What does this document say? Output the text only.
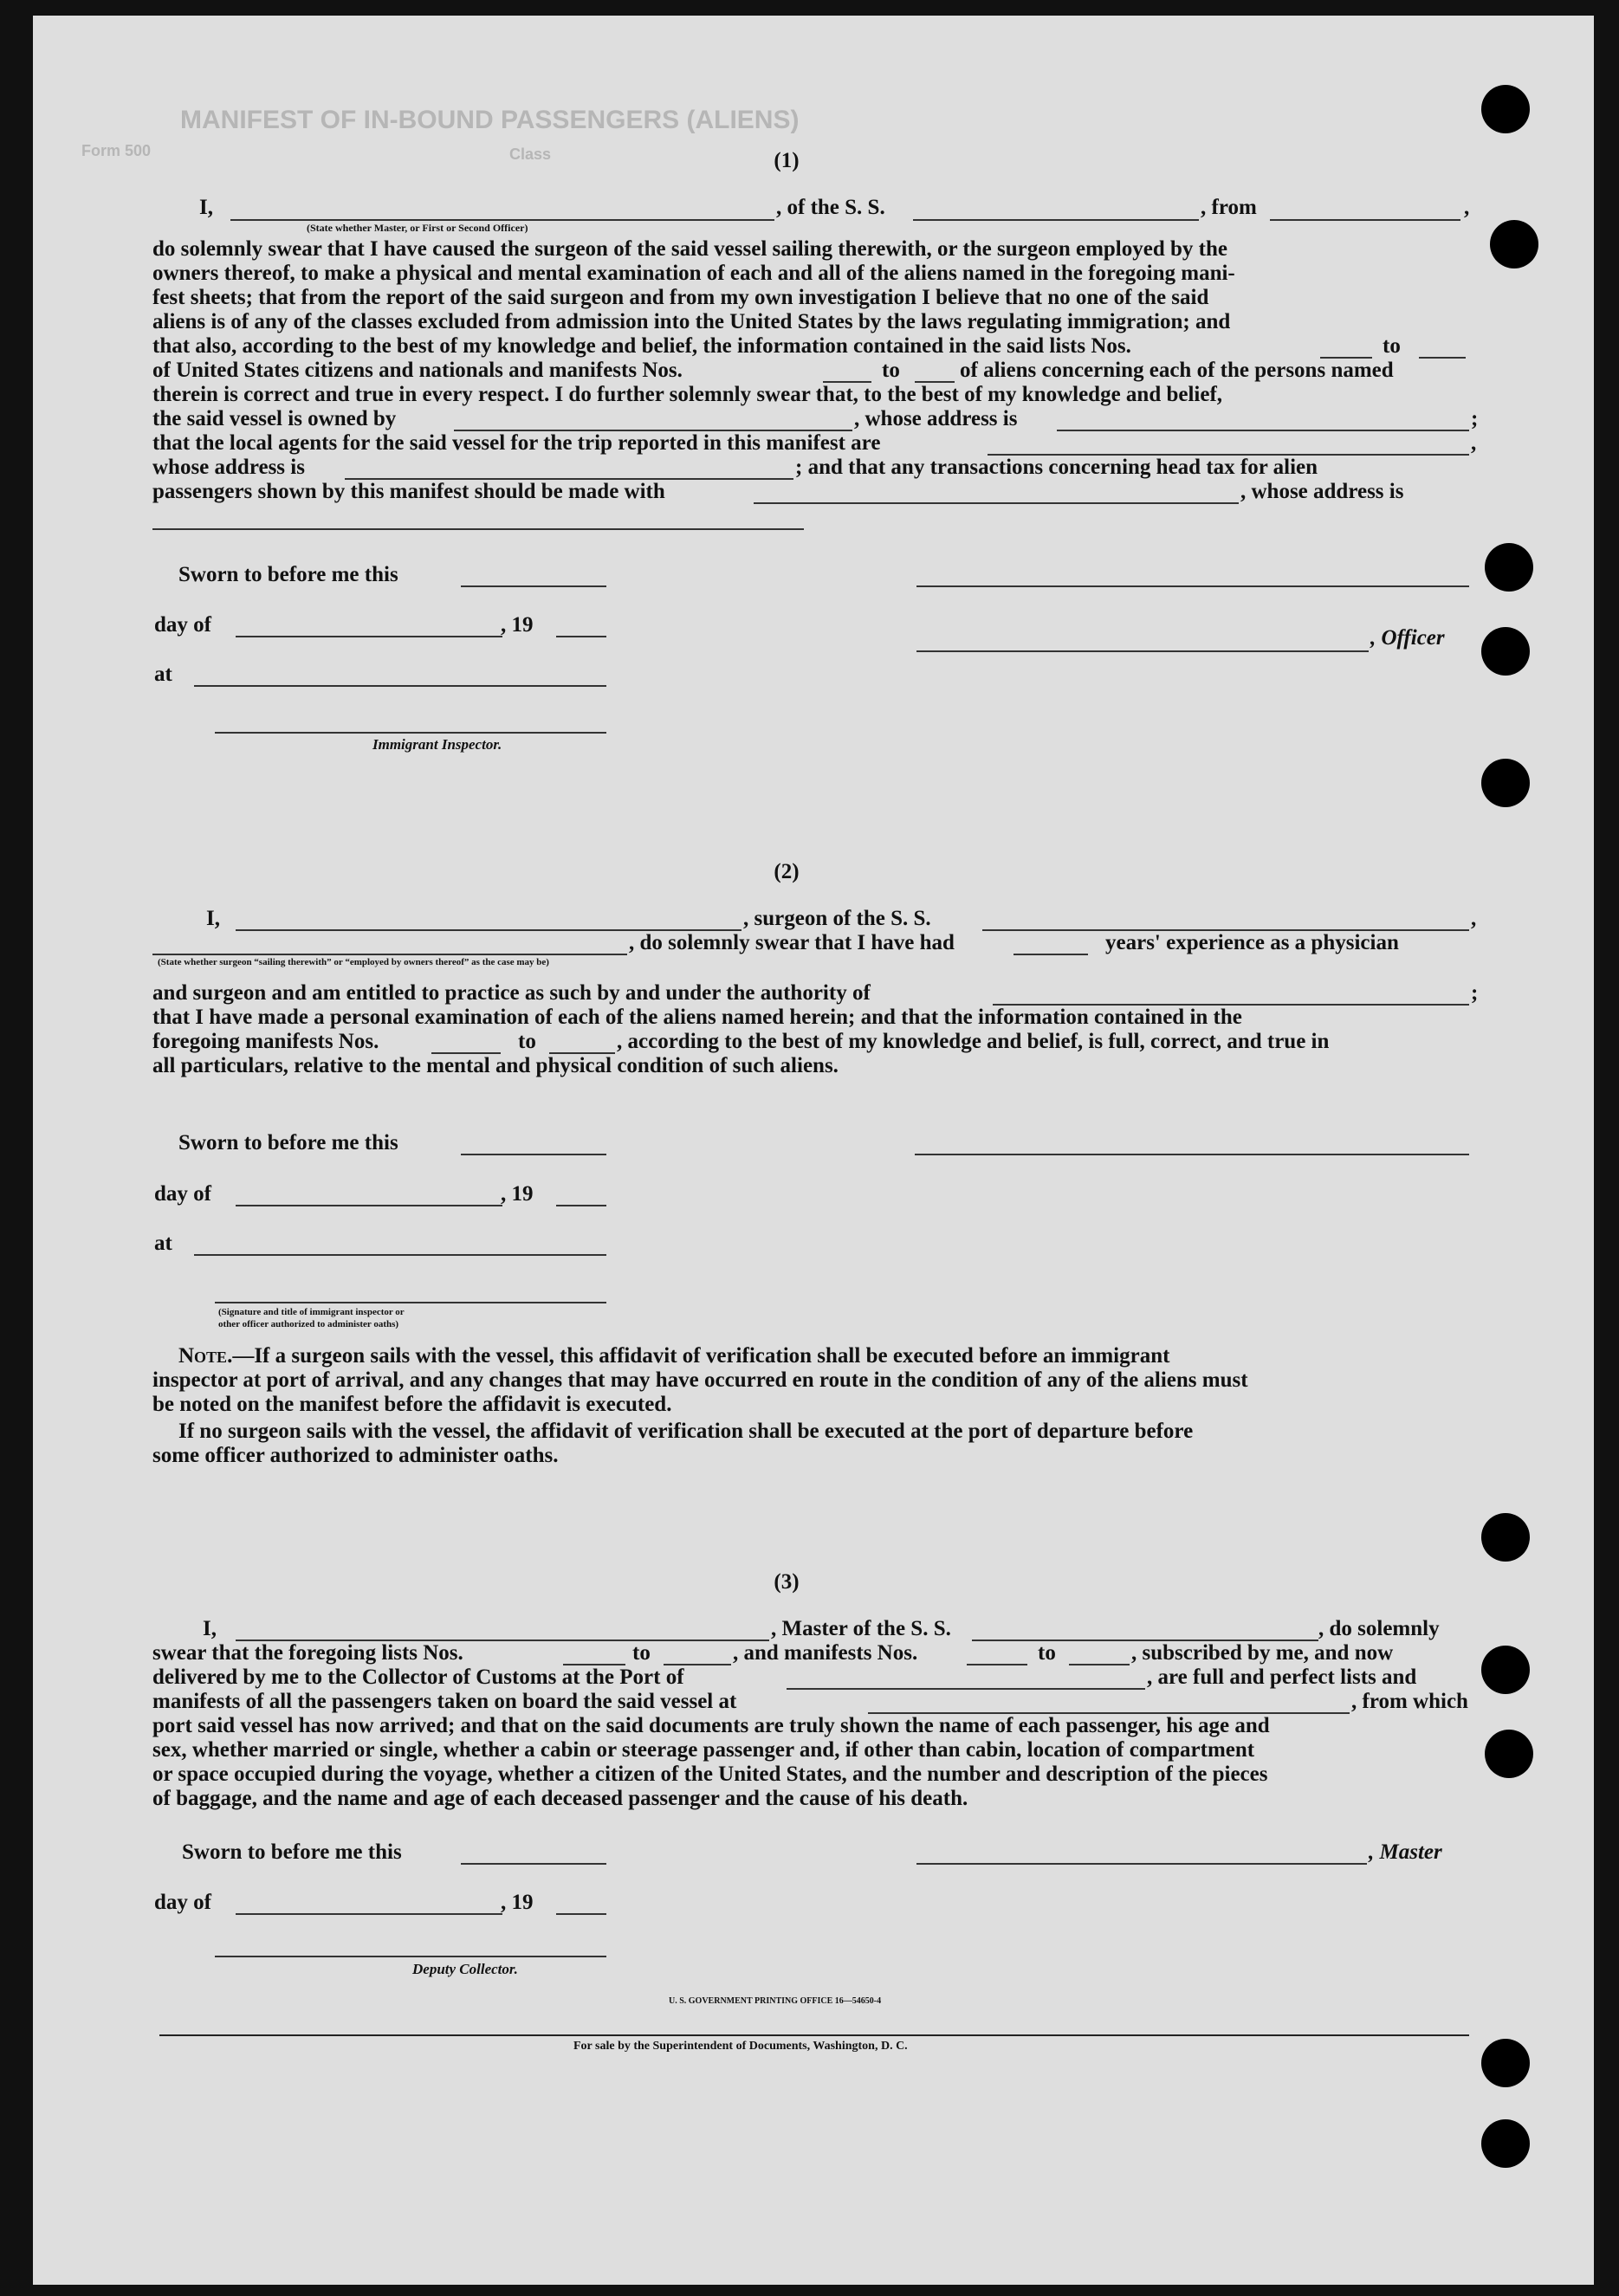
MANIFEST OF IN-BOUND PASSENGERS (ALIENS)
Form 500	Class	(1)
I,	, of the S. S.	, from	,
(State whether Master, or First or Second Officer)
do solemnly swear that I have caused the surgeon of the said vessel sailing therewith, or the surgeon employed by the
owners thereof, to make a physical and mental examination of each and all of the aliens named in the foregoing mani-
fest sheets; that from the report of the said surgeon and from my own investigation I believe that no one of the said
aliens is of any of the classes excluded from admission into the United States by the laws regulating immigration; and
that also, according to the best of my knowledge and belief, the information contained in the said lists Nos.	to
of United States citizens and nationals and manifests Nos.	to	of aliens concerning each of the persons named
therein is correct and true in every respect. I do further solemnly swear that, to the best of my knowledge and belief,
the said vessel is owned by	, whose address is	;
that the local agents for the said vessel for the trip reported in this manifest are	,
whose address is	; and that any transactions concerning head tax for alien
passengers shown by this manifest should be made with	, whose address is
Sworn to before me this
day of	, 19
, Officer
at
Immigrant Inspector.
(2)
I,	, surgeon of the S. S.	,
, do solemnly swear that I have had	years' experience as a physician
(State whether surgeon “sailing therewith” or “employed by owners thereof” as the case may be)
and surgeon and am entitled to practice as such by and under the authority of	;
that I have made a personal examination of each of the aliens named herein; and that the information contained in the
foregoing manifests Nos.	to	, according to the best of my knowledge and belief, is full, correct, and true in
all particulars, relative to the mental and physical condition of such aliens.
Sworn to before me this
day of	, 19
at
(Signature and title of immigrant inspector or
other officer authorized to administer oaths)
Note.—If a surgeon sails with the vessel, this affidavit of verification shall be executed before an immigrant
inspector at port of arrival, and any changes that may have occurred en route in the condition of any of the aliens must
be noted on the manifest before the affidavit is executed.
If no surgeon sails with the vessel, the affidavit of verification shall be executed at the port of departure before
some officer authorized to administer oaths.
(3)
I,	, Master of the S. S.	, do solemnly
swear that the foregoing lists Nos.	to	, and manifests Nos.	to	, subscribed by me, and now
delivered by me to the Collector of Customs at the Port of	, are full and perfect lists and
manifests of all the passengers taken on board the said vessel at	, from which
port said vessel has now arrived; and that on the said documents are truly shown the name of each passenger, his age and
sex, whether married or single, whether a cabin or steerage passenger and, if other than cabin, location of compartment
or space occupied during the voyage, whether a citizen of the United States, and the number and description of the pieces
of baggage, and the name and age of each deceased passenger and the cause of his death.
Sworn to before me this	, Master
day of	, 19
Deputy Collector.
U. S. GOVERNMENT PRINTING OFFICE 16—54650-4
For sale by the Superintendent of Documents, Washington, D. C.
